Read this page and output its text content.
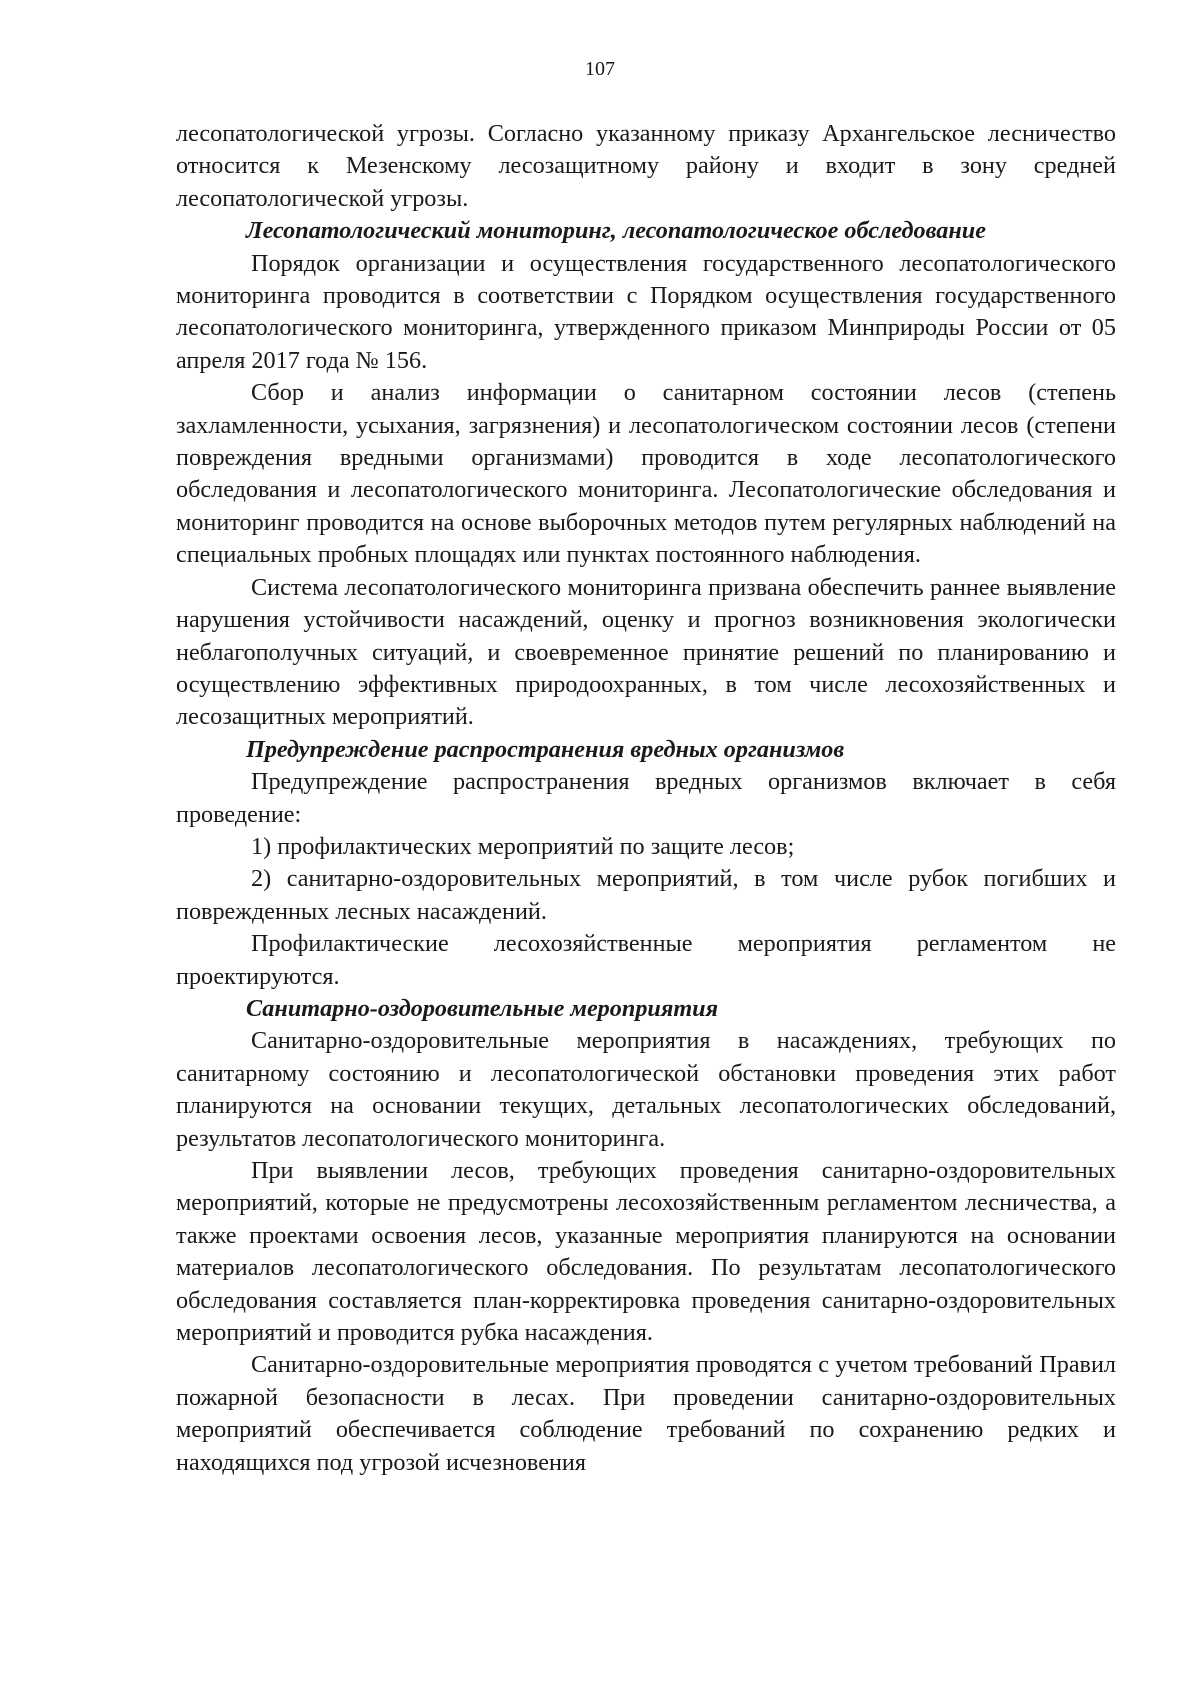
107

лесопатологической угрозы. Согласно указанному приказу Архангельское лесничество относится к Мезенскому лесозащитному району и входит в зону средней лесопатологической угрозы.

Лесопатологический мониторинг, лесопатологическое обследование

Порядок организации и осуществления государственного лесопатологического мониторинга проводится в соответствии с Порядком осуществления государственного лесопатологического мониторинга, утвержденного приказом Минприроды России от 05 апреля 2017 года № 156.

Сбор и анализ информации о санитарном состоянии лесов (степень захламленности, усыхания, загрязнения) и лесопатологическом состоянии лесов (степени повреждения вредными организмами) проводится в ходе лесопатологического обследования и лесопатологического мониторинга. Лесопатологические обследования и мониторинг проводится на основе выборочных методов путем регулярных наблюдений на специальных пробных площадях или пунктах постоянного наблюдения.

Система лесопатологического мониторинга призвана обеспечить раннее выявление нарушения устойчивости насаждений, оценку и прогноз возникновения экологически неблагополучных ситуаций, и своевременное принятие решений по планированию и осуществлению эффективных природоохранных, в том числе лесохозяйственных и лесозащитных мероприятий.

Предупреждение распространения вредных организмов

Предупреждение распространения вредных организмов включает в себя проведение:

1) профилактических мероприятий по защите лесов;

2) санитарно-оздоровительных мероприятий, в том числе рубок погибших и поврежденных лесных насаждений.

Профилактические лесохозяйственные мероприятия регламентом не проектируются.

Санитарно-оздоровительные мероприятия

Санитарно-оздоровительные мероприятия в насаждениях, требующих по санитарному состоянию и лесопатологической обстановки проведения этих работ планируются на основании текущих, детальных лесопатологических обследований, результатов лесопатологического мониторинга.

При выявлении лесов, требующих проведения санитарно-оздоровительных мероприятий, которые не предусмотрены лесохозяйственным регламентом лесничества, а также проектами освоения лесов, указанные мероприятия планируются на основании материалов лесопатологического обследования. По результатам лесопатологического обследования составляется план-корректировка проведения санитарно-оздоровительных мероприятий и проводится рубка насаждения.

Санитарно-оздоровительные мероприятия проводятся с учетом требований Правил пожарной безопасности в лесах. При проведении санитарно-оздоровительных мероприятий обеспечивается соблюдение требований по сохранению редких и находящихся под угрозой исчезновения
